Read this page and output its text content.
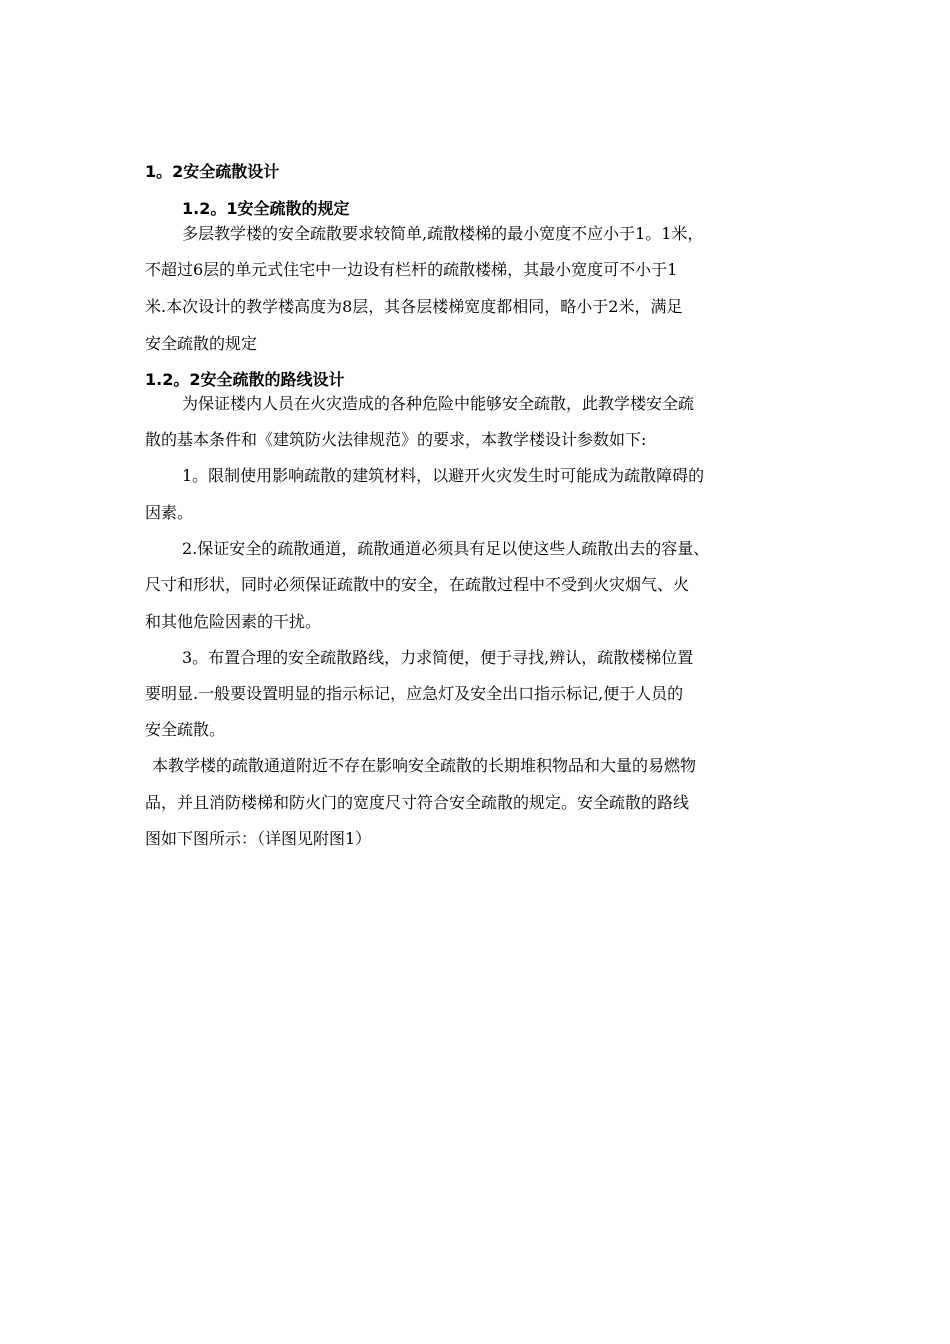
1。2安全疏散设计
1.2。1安全疏散的规定
多层教学楼的安全疏散要求较简单,疏散楼梯的最小宽度不应小于1。1米，
不超过6层的单元式住宅中一边设有栏杆的疏散楼梯，其最小宽度可不小于1
米.本次设计的教学楼高度为8层，其各层楼梯宽度都相同，略小于2米，满足
安全疏散的规定
1.2。2安全疏散的路线设计
为保证楼内人员在火灾造成的各种危险中能够安全疏散，此教学楼安全疏
散的基本条件和《建筑防火法律规范》的要求，本教学楼设计参数如下:
1。限制使用影响疏散的建筑材料，以避开火灾发生时可能成为疏散障碍的
因素。
2.保证安全的疏散通道，疏散通道必须具有足以使这些人疏散出去的容量、
尺寸和形状，同时必须保证疏散中的安全，在疏散过程中不受到火灾烟气、火
和其他危险因素的干扰。
3。布置合理的安全疏散路线，力求简便，便于寻找,辨认，疏散楼梯位置
要明显.一般要设置明显的指示标记，应急灯及安全出口指示标记,便于人员的
安全疏散。
本教学楼的疏散通道附近不存在影响安全疏散的长期堆积物品和大量的易燃物
品，并且消防楼梯和防火门的宽度尺寸符合安全疏散的规定。安全疏散的路线
图如下图所示：（详图见附图1）
